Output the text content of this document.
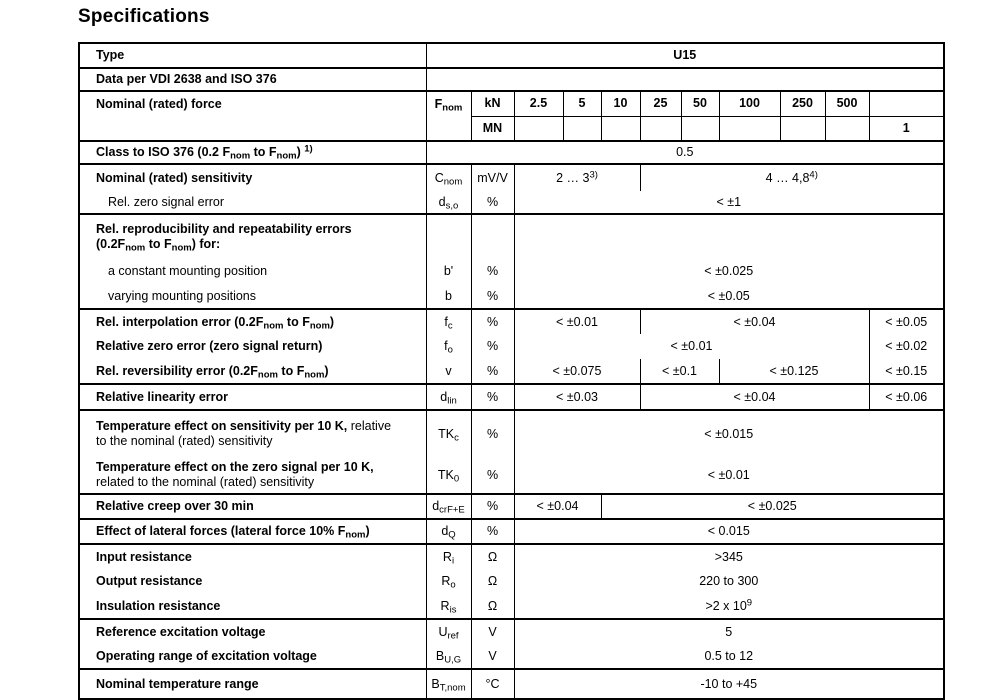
Specifications
Type	U15										
Data per VDI 2638 and ISO 376											
Nominal (rated) force	$F_{nom}$	kN	2.5	5	10	25	50	100	250	500	
		MN									1
Class to ISO 376 (0.2 $F_{nom}$ to $F_{nom}$) $^{1)}$	0.5										
Nominal (rated) sensitivity	$C_{nom}$	mV/V	2 … 3$^{3)}$			4 … 4,8$^{4)}$
Rel. zero signal error	$d_{s,o}$	%	< ±1								
Rel. reproducibility and repeatability errors
($0.2F_{nom}$ to $F_{nom}$) for:											
a constant mounting position	b'	%	< ±0.025								
varying mounting positions	b	%	< ±0.05								
Rel. interpolation error ($0.2F_{nom}$ to $F_{nom}$)	$f_c$	%	< ±0.01			< ±0.04					< ±0.05
Relative zero error (zero signal return)	$f_o$	%	< ±0.01								< ±0.02
Rel. reversibility error ($0.2F_{nom}$ to $F_{nom}$)	v	%	< ±0.075			< ±0.1		< ±0.125			< ±0.15
Relative linearity error	$d_{lin}$	%	< ±0.03			< ±0.04					< ±0.06
Temperature effect on sensitivity per 10 K, relative
to the nominal (rated) sensitivity	$TK_c$	%	< ±0.015								
Temperature effect on the zero signal per 10 K,
related to the nominal (rated) sensitivity	$TK_0$	%	< ±0.01								
Relative creep over 30 min	$d_{crF+E}$	%	< ±0.04		< ±0.025						
Effect of lateral forces (lateral force 10% $F_{nom}$)	$d_Q$	%	< 0.015								
Input resistance	$R_i$	Ω	>345								
Output resistance	$R_o$	Ω	220 to 300								
Insulation resistance	$R_{is}$	Ω	>2 x $10^9$
Reference excitation voltage	$U_{ref}$	V	5								
Operating range of excitation voltage	$B_{U,G}$	V	0.5 to 12								
Nominal temperature range	$B_{T,nom}$	°C	-10 to +45								
